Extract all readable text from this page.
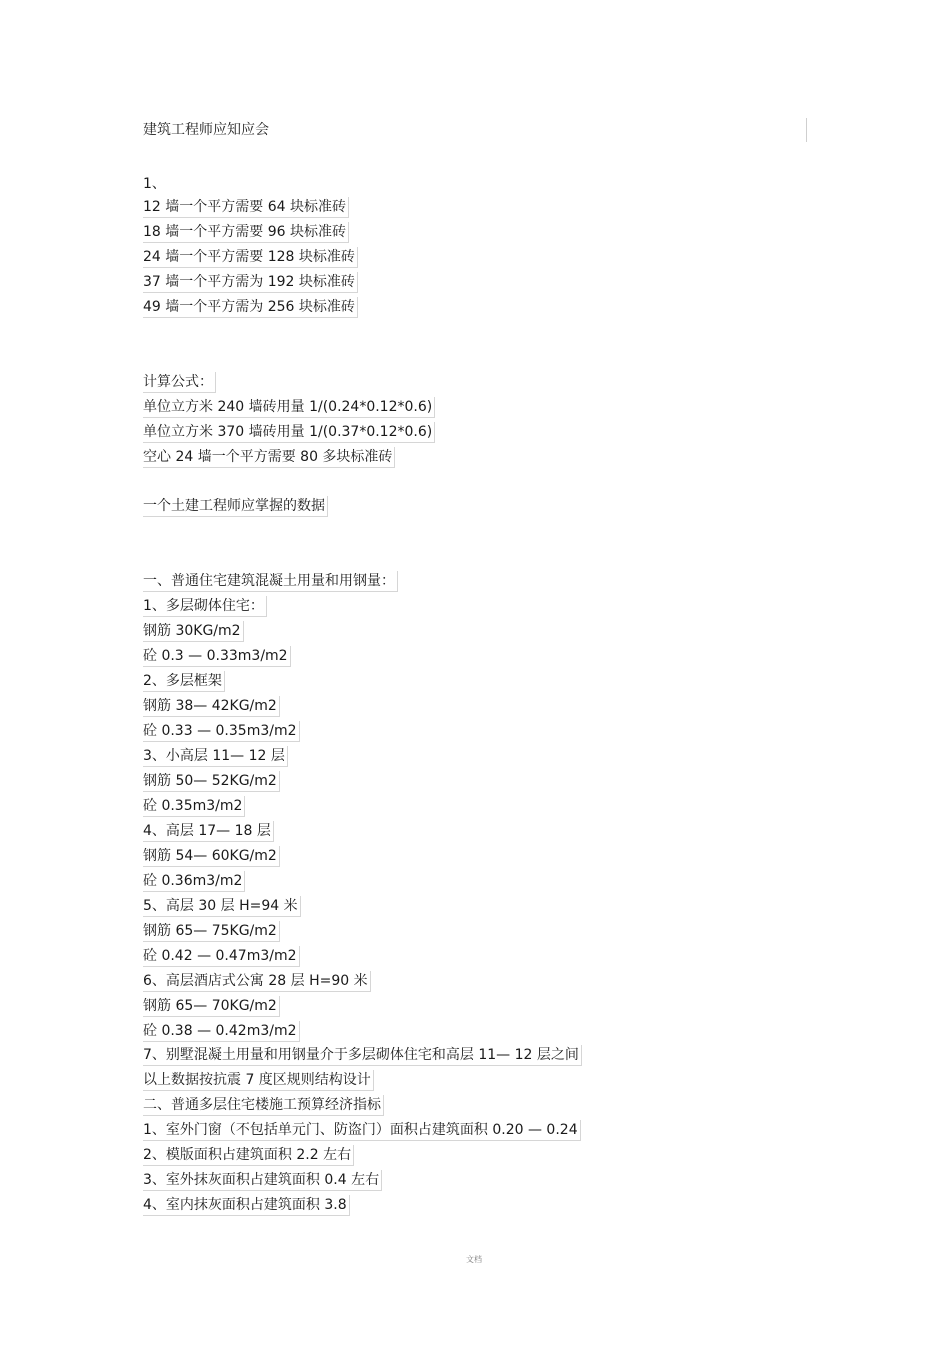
建筑工程师应知应会
1、
12 墙一个平方需要 64 块标准砖
18 墙一个平方需要 96 块标准砖
24 墙一个平方需要 128 块标准砖
37 墙一个平方需为 192 块标准砖
49 墙一个平方需为 256 块标准砖
计算公式：
单位立方米 240 墙砖用量 1/(0.24*0.12*0.6)
单位立方米 370 墙砖用量 1/(0.37*0.12*0.6)
空心 24 墙一个平方需要 80 多块标准砖
一个土建工程师应掌握的数据
一、普通住宅建筑混凝土用量和用钢量：
1、多层砌体住宅：
钢筋 30KG/m2
砼 0.3 — 0.33m3/m2
2、多层框架
钢筋 38— 42KG/m2
砼 0.33 — 0.35m3/m2
3、小高层 11— 12 层
钢筋 50— 52KG/m2
砼 0.35m3/m2
4、高层 17— 18 层
钢筋 54— 60KG/m2
砼 0.36m3/m2
5、高层 30 层 H=94 米
钢筋 65— 75KG/m2
砼 0.42 — 0.47m3/m2
6、高层酒店式公寓 28 层 H=90 米
钢筋 65— 70KG/m2
砼 0.38 — 0.42m3/m2
7、别墅混凝土用量和用钢量介于多层砌体住宅和高层 11— 12 层之间
以上数据按抗震 7 度区规则结构设计
二、普通多层住宅楼施工预算经济指标
1、室外门窗（不包括单元门、防盗门）面积占建筑面积 0.20 — 0.24
2、模版面积占建筑面积 2.2 左右
3、室外抹灰面积占建筑面积 0.4 左右
4、室内抹灰面积占建筑面积 3.8
文档
